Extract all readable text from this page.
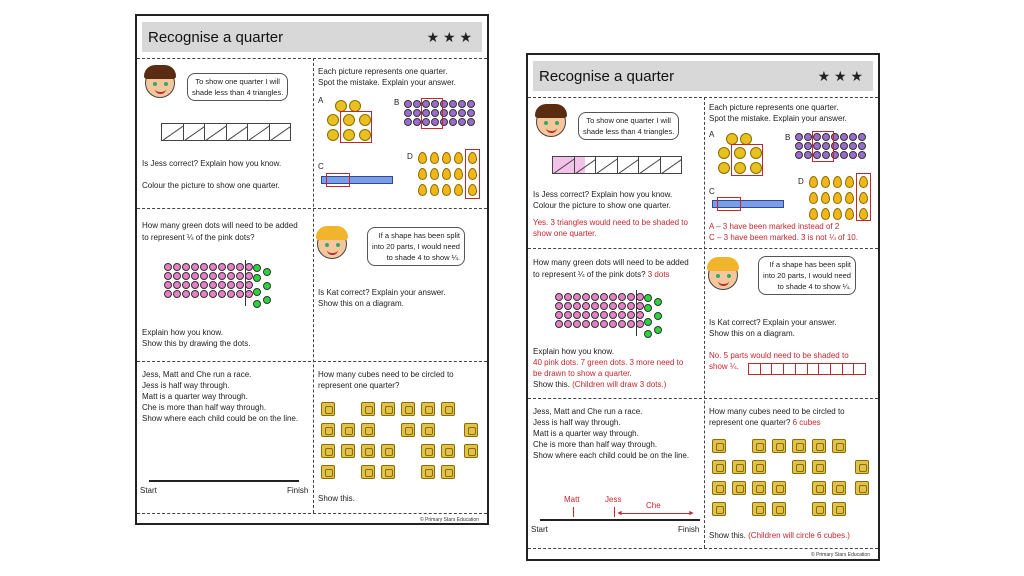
Recognise a quarter	★ ★ ★
To show one quarter I will
shade less than 4 triangles.
Is Jess correct? Explain how you know.
Colour the picture to show one quarter.
Each picture represents one quarter.
Spot the mistake. Explain your answer.
A	B
C
D
How many green dots will need to be added
to represent ¼ of the pink dots?
Explain how you know.
Show this by drawing the dots.
If a shape has been split
into 20 parts, I would need
to shade 4 to show ¼.
Is Kat correct? Explain your answer.
Show this on a diagram.
Jess, Matt and Che run a race.
Jess is half way through.
Matt is a quarter way through.
Che is more than half way through.
Show where each child could be on the line.
Start	Finish
How many cubes need to be circled to
represent one quarter?
Show this.
© Primary Stars Education
Recognise a quarter	★ ★ ★
To show one quarter I will
shade less than 4 triangles.
Is Jess correct? Explain how you know.
Colour the picture to show one quarter.
Yes. 3 triangles would need to be shaded to
show one quarter.
Each picture represents one quarter.
Spot the mistake. Explain your answer.
A	B
C
D
A – 3 have been marked instead of 2
C – 3 have been marked. 3 is not ¼ of 10.
How many green dots will need to be added
to represent ¼ of the pink dots? 3 dots
Explain how you know.
40 pink dots. 7 green dots. 3 more need to
be drawn to show a quarter.
Show this. (Children will draw 3 dots.)
If a shape has been split
into 20 parts, I would need
to shade 4 to show ¼.
Is Kat correct? Explain your answer.
Show this on a diagram.
No. 5 parts would need to be shaded to
show ¼.
Jess, Matt and Che run a race.
Jess is half way through.
Matt is a quarter way through.
Che is more than half way through.
Show where each child could be on the line.
Matt	Jess
Che
◄	►
Start	Finish
How many cubes need to be circled to
represent one quarter? 6 cubes
Show this. (Children will circle 6 cubes.)
© Primary Stars Education
